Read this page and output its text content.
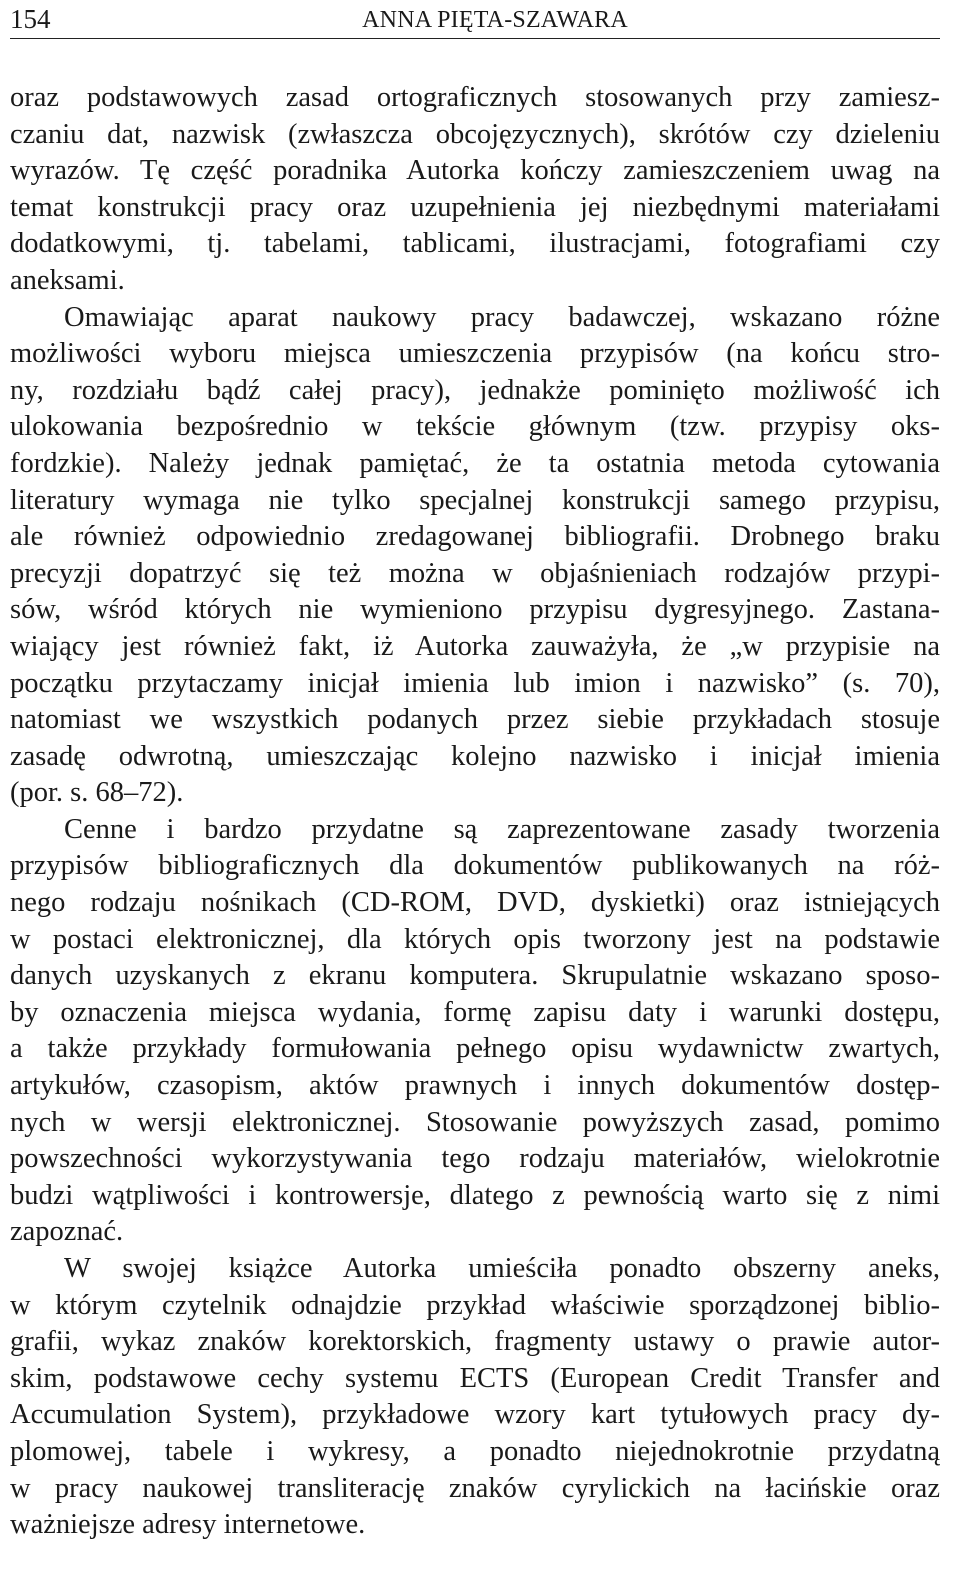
154	ANNA PIĘTA-SZAWARA
oraz podstawowych zasad ortograficznych stosowanych przy zamiesz-
czaniu dat, nazwisk (zwłaszcza obcojęzycznych), skrótów czy dzieleniu
wyrazów. Tę część poradnika Autorka kończy zamieszczeniem uwag na
temat konstrukcji pracy oraz uzupełnienia jej niezbędnymi materiałami
dodatkowymi, tj. tabelami, tablicami, ilustracjami, fotografiami czy
aneksami.
Omawiając aparat naukowy pracy badawczej, wskazano różne
możliwości wyboru miejsca umieszczenia przypisów (na końcu stro-
ny, rozdziału bądź całej pracy), jednakże pominięto możliwość ich
ulokowania bezpośrednio w tekście głównym (tzw. przypisy oks-
fordzkie). Należy jednak pamiętać, że ta ostatnia metoda cytowania
literatury wymaga nie tylko specjalnej konstrukcji samego przypisu,
ale również odpowiednio zredagowanej bibliografii. Drobnego braku
precyzji dopatrzyć się też można w objaśnieniach rodzajów przypi-
sów, wśród których nie wymieniono przypisu dygresyjnego. Zastana-
wiający jest również fakt, iż Autorka zauważyła, że „w przypisie na
początku przytaczamy inicjał imienia lub imion i nazwisko” (s. 70),
natomiast we wszystkich podanych przez siebie przykładach stosuje
zasadę odwrotną, umieszczając kolejno nazwisko i inicjał imienia
(por. s. 68–72).
Cenne i bardzo przydatne są zaprezentowane zasady tworzenia
przypisów bibliograficznych dla dokumentów publikowanych na róż-
nego rodzaju nośnikach (CD-ROM, DVD, dyskietki) oraz istniejących
w postaci elektronicznej, dla których opis tworzony jest na podstawie
danych uzyskanych z ekranu komputera. Skrupulatnie wskazano sposo-
by oznaczenia miejsca wydania, formę zapisu daty i warunki dostępu,
a także przykłady formułowania pełnego opisu wydawnictw zwartych,
artykułów, czasopism, aktów prawnych i innych dokumentów dostęp-
nych w wersji elektronicznej. Stosowanie powyższych zasad, pomimo
powszechności wykorzystywania tego rodzaju materiałów, wielokrotnie
budzi wątpliwości i kontrowersje, dlatego z pewnością warto się z nimi
zapoznać.
W swojej książce Autorka umieściła ponadto obszerny aneks,
w którym czytelnik odnajdzie przykład właściwie sporządzonej biblio-
grafii, wykaz znaków korektorskich, fragmenty ustawy o prawie autor-
skim, podstawowe cechy systemu ECTS (European Credit Transfer and
Accumulation System), przykładowe wzory kart tytułowych pracy dy-
plomowej, tabele i wykresy, a ponadto niejednokrotnie przydatną
w pracy naukowej transliterację znaków cyrylickich na łacińskie oraz
ważniejsze adresy internetowe.
